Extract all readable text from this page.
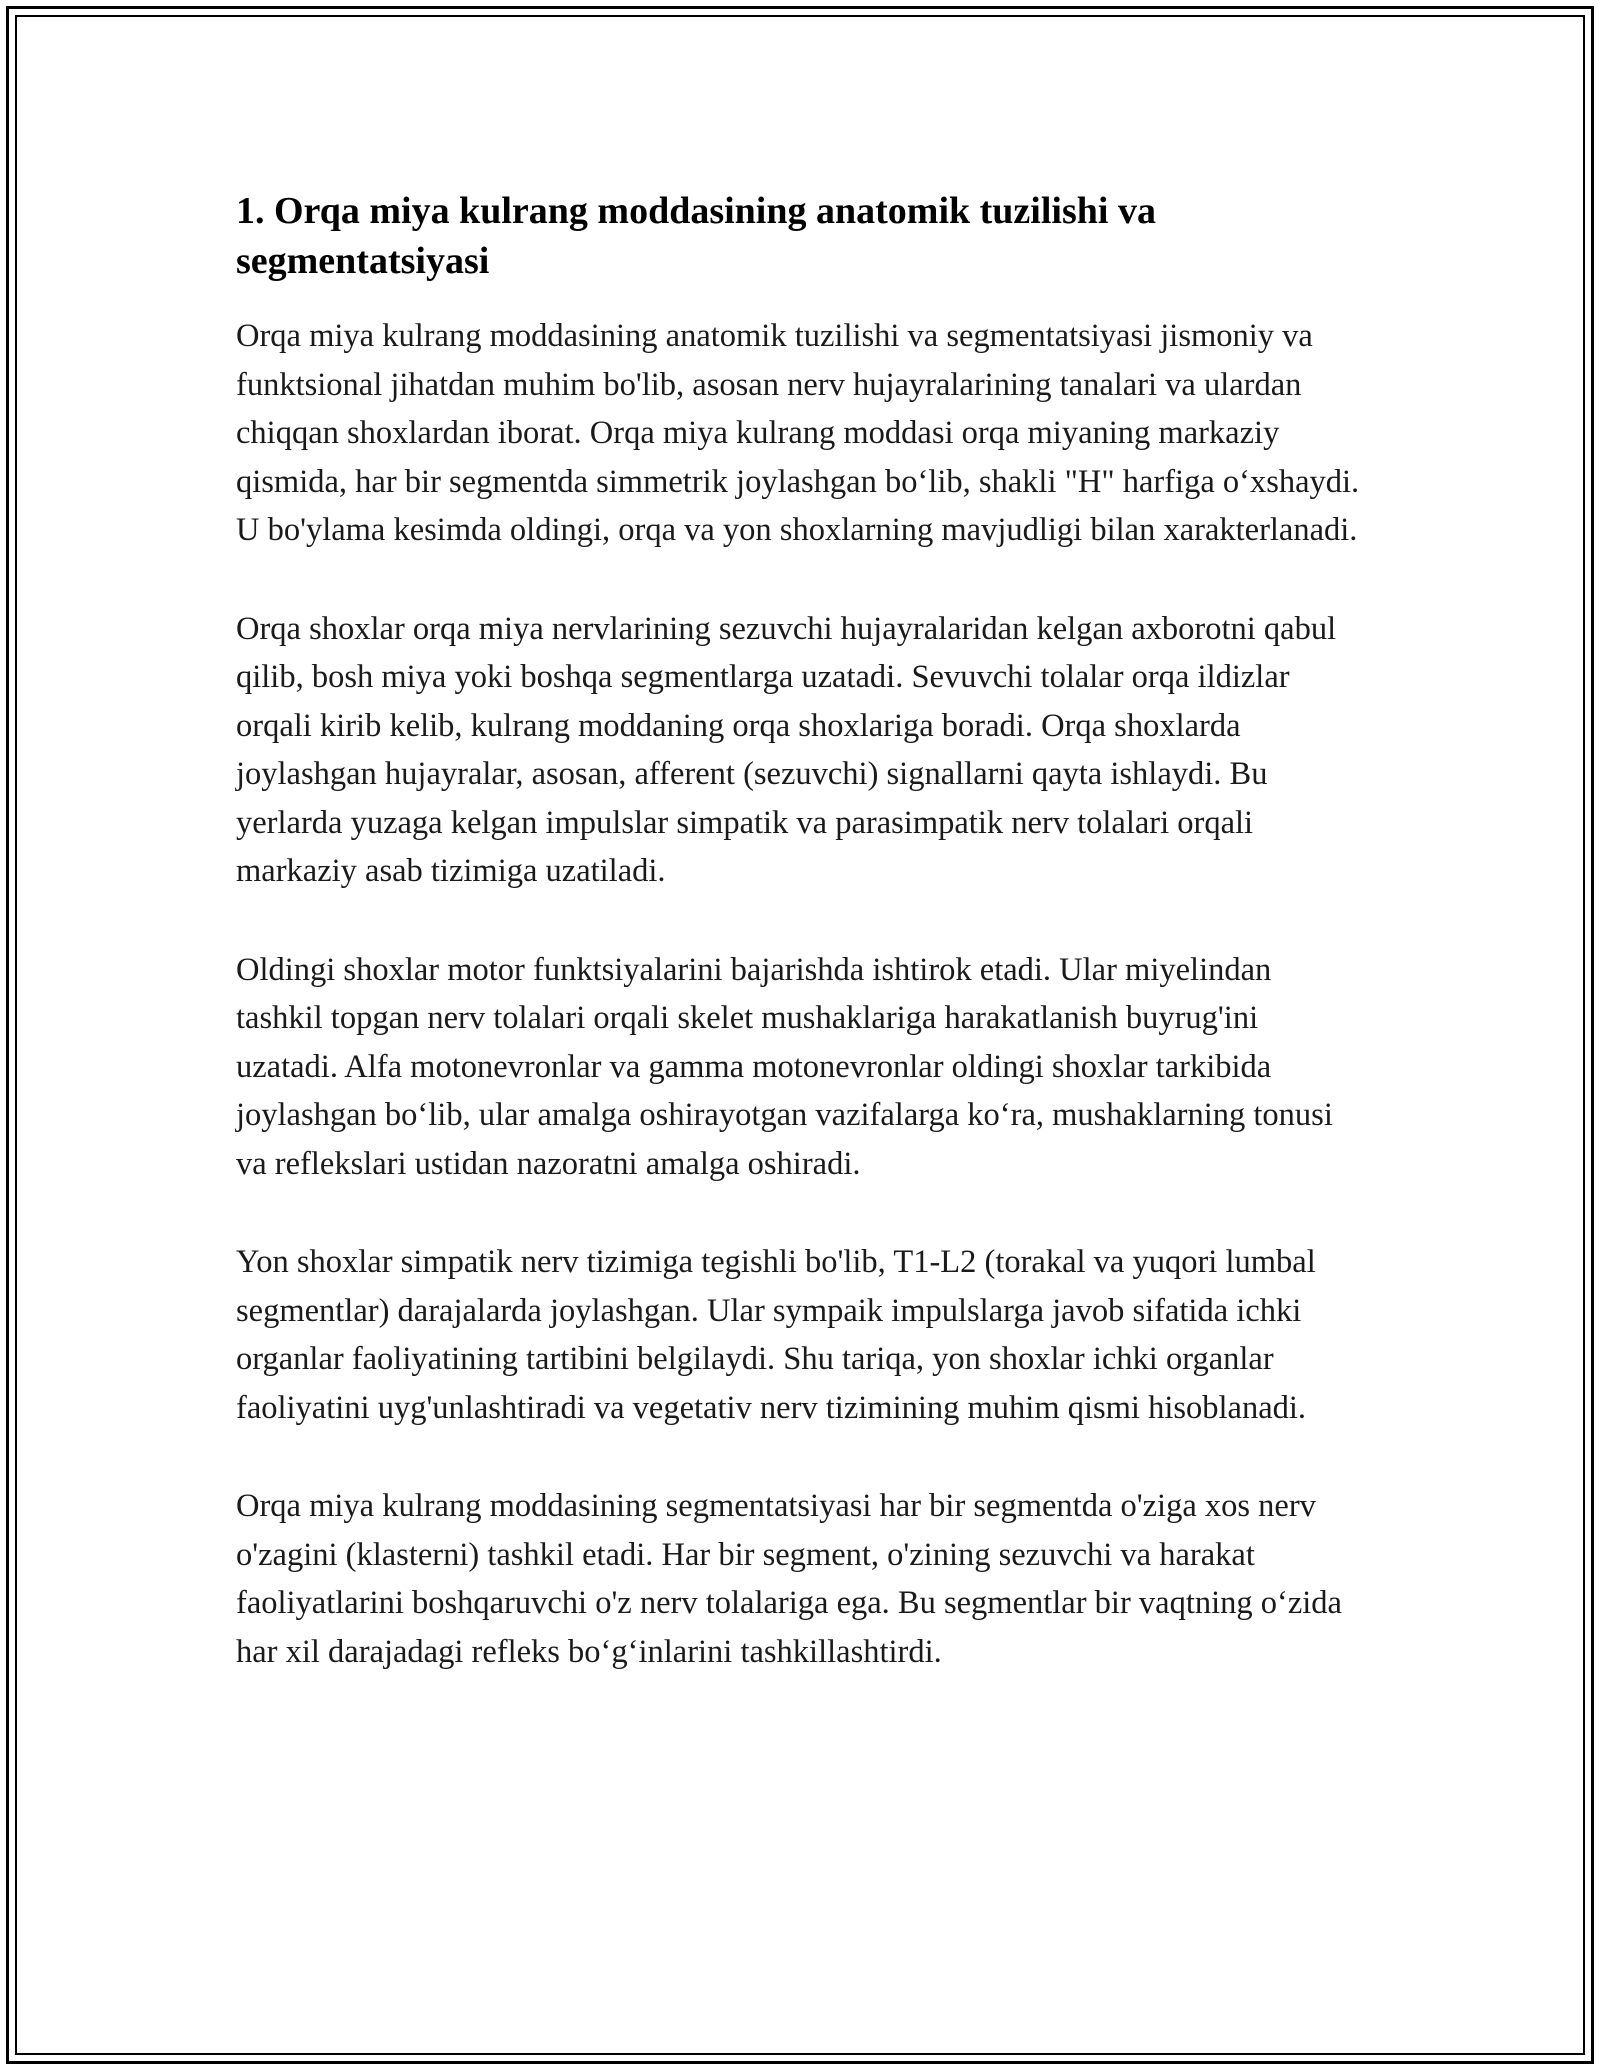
1. Orqa miya kulrang moddasining anatomik tuzilishi va segmentatsiyasi

Orqa miya kulrang moddasining anatomik tuzilishi va segmentatsiyasi jismoniy va funktsional jihatdan muhim bo'lib, asosan nerv hujayralarining tanalari va ulardan chiqqan shoxlardan iborat. Orqa miya kulrang moddasi orqa miyaning markaziy qismida, har bir segmentda simmetrik joylashgan bo‘lib, shakli "H" harfiga o‘xshaydi. U bo'ylama kesimda oldingi, orqa va yon shoxlarning mavjudligi bilan xarakterlanadi.

Orqa shoxlar orqa miya nervlarining sezuvchi hujayralaridan kelgan axborotni qabul qilib, bosh miya yoki boshqa segmentlarga uzatadi. Sevuvchi tolalar orqa ildizlar orqali kirib kelib, kulrang moddaning orqa shoxlariga boradi. Orqa shoxlarda joylashgan hujayralar, asosan, afferent (sezuvchi) signallarni qayta ishlaydi. Bu yerlarda yuzaga kelgan impulslar simpatik va parasimpatik nerv tolalari orqali markaziy asab tizimiga uzatiladi.

Oldingi shoxlar motor funktsiyalarini bajarishda ishtirok etadi. Ular miyelindan tashkil topgan nerv tolalari orqali skelet mushaklariga harakatlanish buyrug'ini uzatadi. Alfa motonevronlar va gamma motonevronlar oldingi shoxlar tarkibida joylashgan bo‘lib, ular amalga oshirayotgan vazifalarga ko‘ra, mushaklarning tonusi va reflekslari ustidan nazoratni amalga oshiradi.

Yon shoxlar simpatik nerv tizimiga tegishli bo'lib, T1-L2 (torakal va yuqori lumbal segmentlar) darajalarda joylashgan. Ular sympaik impulslarga javob sifatida ichki organlar faoliyatining tartibini belgilaydi. Shu tariqa, yon shoxlar ichki organlar faoliyatini uyg'unlashtiradi va vegetativ nerv tizimining muhim qismi hisoblanadi.

Orqa miya kulrang moddasining segmentatsiyasi har bir segmentda o'ziga xos nerv o'zagini (klasterni) tashkil etadi. Har bir segment, o'zining sezuvchi va harakat faoliyatlarini boshqaruvchi o'z nerv tolalariga ega. Bu segmentlar bir vaqtning o‘zida har xil darajadagi refleks bo‘g‘inlarini tashkillashtirdi.
